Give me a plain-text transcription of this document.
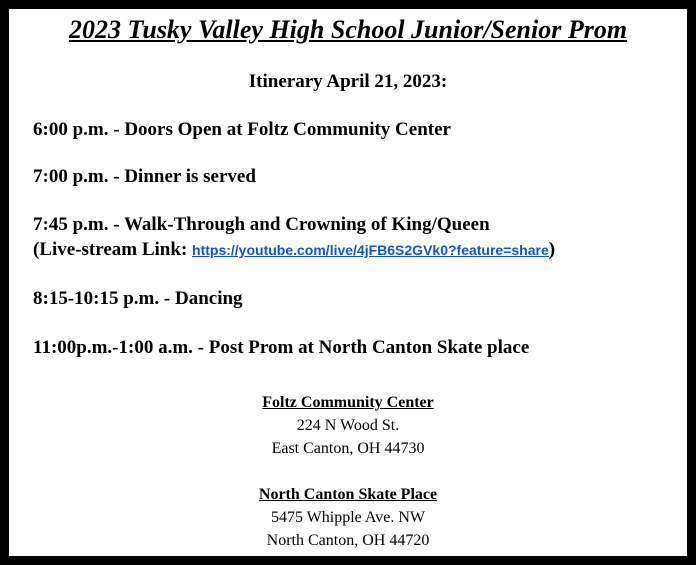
2023 Tusky Valley High School Junior/Senior Prom
Itinerary April 21, 2023:
6:00 p.m. - Doors Open at Foltz Community Center
7:00 p.m. - Dinner is served
7:45 p.m. - Walk-Through and Crowning of King/Queen
(Live-stream Link: https://youtube.com/live/4jFB6S2GVk0?feature=share)
8:15-10:15 p.m. - Dancing
11:00p.m.-1:00 a.m. - Post Prom at North Canton Skate place
Foltz Community Center
224 N Wood St.
East Canton, OH 44730
North Canton Skate Place
5475 Whipple Ave. NW
North Canton, OH 44720
